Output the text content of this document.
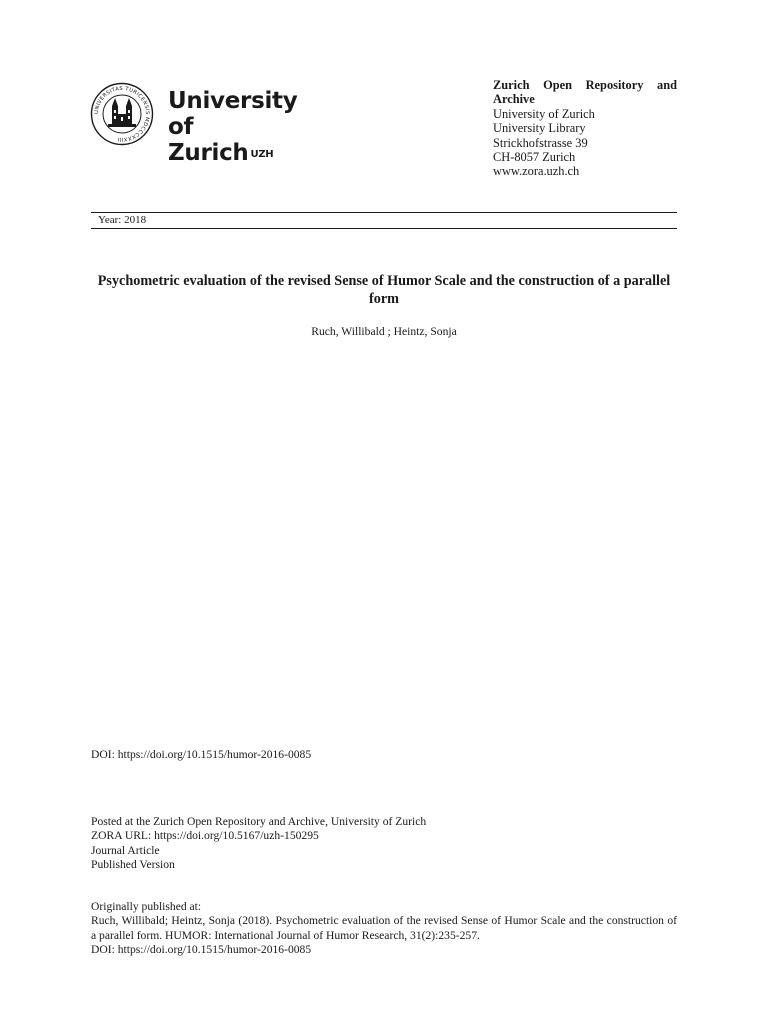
UNIVERSITAS TURICENSIS MDCCCXXXIII
University of
Zurich $^{UZH}$
Zurich Open Repository and Archive
University of Zurich
University Library
Strickhofstrasse 39
CH-8057 Zurich
www.zora.uzh.ch
Year: 2018
Psychometric evaluation of the revised Sense of Humor Scale and the construction of a parallel form
Ruch, Willibald ; Heintz, Sonja
DOI: https://doi.org/10.1515/humor-2016-0085
Posted at the Zurich Open Repository and Archive, University of Zurich
ZORA URL: https://doi.org/10.5167/uzh-150295
Journal Article
Published Version
Originally published at:
Ruch, Willibald; Heintz, Sonja (2018). Psychometric evaluation of the revised Sense of Humor Scale and the construction of a parallel form. HUMOR: International Journal of Humor Research, 31(2):235-257.
DOI: https://doi.org/10.1515/humor-2016-0085
